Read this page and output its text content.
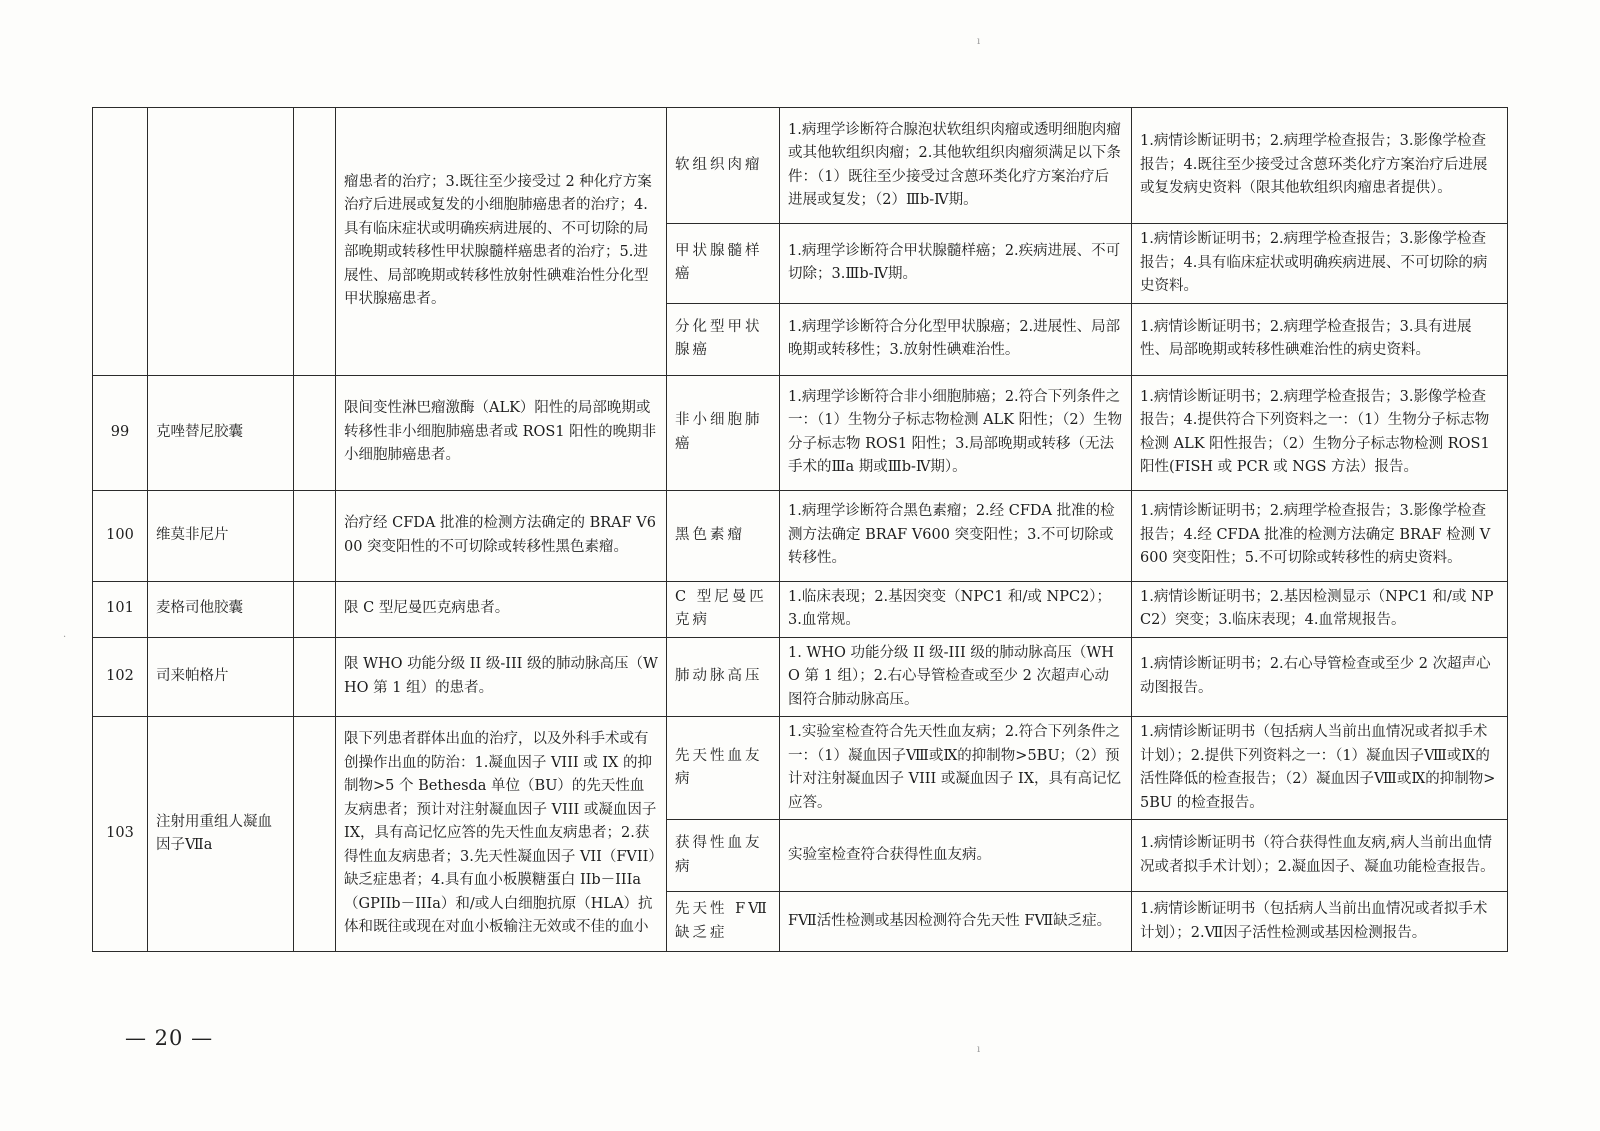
ı
·
ı
			瘤患者的治疗；3.既往至少接受过 2 种化疗方案治疗后进展或复发的小细胞肺癌患者的治疗；4.具有临床症状或明确疾病进展的、不可切除的局部晚期或转移性甲状腺髓样癌患者的治疗；5.进展性、局部晚期或转移性放射性碘难治性分化型甲状腺癌患者。	软组织肉瘤	1.病理学诊断符合腺泡状软组织肉瘤或透明细胞肉瘤或其他软组织肉瘤；2.其他软组织肉瘤须满足以下条件：（1）既往至少接受过含蒽环类化疗方案治疗后进展或复发；（2）Ⅲb-Ⅳ期。	1.病情诊断证明书；2.病理学检查报告；3.影像学检查报告；4.既往至少接受过含蒽环类化疗方案治疗后进展或复发病史资料（限其他软组织肉瘤患者提供）。
				甲状腺髓样癌	1.病理学诊断符合甲状腺髓样癌；2.疾病进展、不可切除；3.Ⅲb-Ⅳ期。	1.病情诊断证明书；2.病理学检查报告；3.影像学检查报告；4.具有临床症状或明确疾病进展、不可切除的病史资料。
				分化型甲状腺癌	1.病理学诊断符合分化型甲状腺癌；2.进展性、局部晚期或转移性；3.放射性碘难治性。	1.病情诊断证明书；2.病理学检查报告；3.具有进展性、局部晚期或转移性碘难治性的病史资料。
99	克唑替尼胶囊		限间变性淋巴瘤激酶（ALK）阳性的局部晚期或转移性非小细胞肺癌患者或 ROS1 阳性的晚期非小细胞肺癌患者。	非小细胞肺癌	1.病理学诊断符合非小细胞肺癌；2.符合下列条件之一：（1）生物分子标志物检测 ALK 阳性；（2）生物分子标志物 ROS1 阳性；3.局部晚期或转移（无法手术的Ⅲa 期或Ⅲb-Ⅳ期）。	1.病情诊断证明书；2.病理学检查报告；3.影像学检查报告；4.提供符合下列资料之一：（1）生物分子标志物检测 ALK 阳性报告；（2）生物分子标志物检测 ROS1 阳性(FISH 或 PCR 或 NGS 方法）报告。
100	维莫非尼片		治疗经 CFDA 批准的检测方法确定的 BRAF V600 突变阳性的不可切除或转移性黑色素瘤。	黑色素瘤	1.病理学诊断符合黑色素瘤；2.经 CFDA 批准的检测方法确定 BRAF V600 突变阳性；3.不可切除或转移性。	1.病情诊断证明书；2.病理学检查报告；3.影像学检查报告；4.经 CFDA 批准的检测方法确定 BRAF 检测 V600 突变阳性；5.不可切除或转移性的病史资料。
101	麦格司他胶囊		限 C 型尼曼匹克病患者。	C 型尼曼匹克病	1.临床表现；2.基因突变（NPC1 和/或 NPC2）；3.血常规。	1.病情诊断证明书；2.基因检测显示（NPC1 和/或 NPC2）突变；3.临床表现；4.血常规报告。
102	司来帕格片		限 WHO 功能分级 II 级-III 级的肺动脉高压（WHO 第 1 组）的患者。	肺动脉高压	1. WHO 功能分级 II 级-III 级的肺动脉高压（WHO 第 1 组）；2.右心导管检查或至少 2 次超声心动图符合肺动脉高压。	1.病情诊断证明书；2.右心导管检查或至少 2 次超声心动图报告。
103	注射用重组人凝血因子Ⅶa		限下列患者群体出血的治疗，以及外科手术或有创操作出血的防治：1.凝血因子 VIII 或 IX 的抑制物>5 个 Bethesda 单位（BU）的先天性血友病患者；预计对注射凝血因子 VIII 或凝血因子 IX，具有高记忆应答的先天性血友病患者；2.获得性血友病患者；3.先天性凝血因子 VII（FVII）缺乏症患者；4.具有血小板膜糖蛋白 IIb－IIIa（GPIIb－IIIa）和/或人白细胞抗原（HLA）抗体和既往或现在对血小板输注无效或不佳的血小	先天性血友病	1.实验室检查符合先天性血友病；2.符合下列条件之一：（1）凝血因子Ⅷ或Ⅸ的抑制物>5BU；（2）预计对注射凝血因子 VIII 或凝血因子 IX，具有高记忆应答。	1.病情诊断证明书（包括病人当前出血情况或者拟手术计划）；2.提供下列资料之一：（1）凝血因子Ⅷ或Ⅸ的活性降低的检查报告；（2）凝血因子Ⅷ或Ⅸ的抑制物>5BU 的检查报告。
				获得性血友病	实验室检查符合获得性血友病。	1.病情诊断证明书（符合获得性血友病,病人当前出血情况或者拟手术计划）；2.凝血因子、凝血功能检查报告。
				先天性 FⅦ缺乏症	FⅦ活性检测或基因检测符合先天性 FⅦ缺乏症。	1.病情诊断证明书（包括病人当前出血情况或者拟手术计划）；2.Ⅶ因子活性检测或基因检测报告。
— 20 —
